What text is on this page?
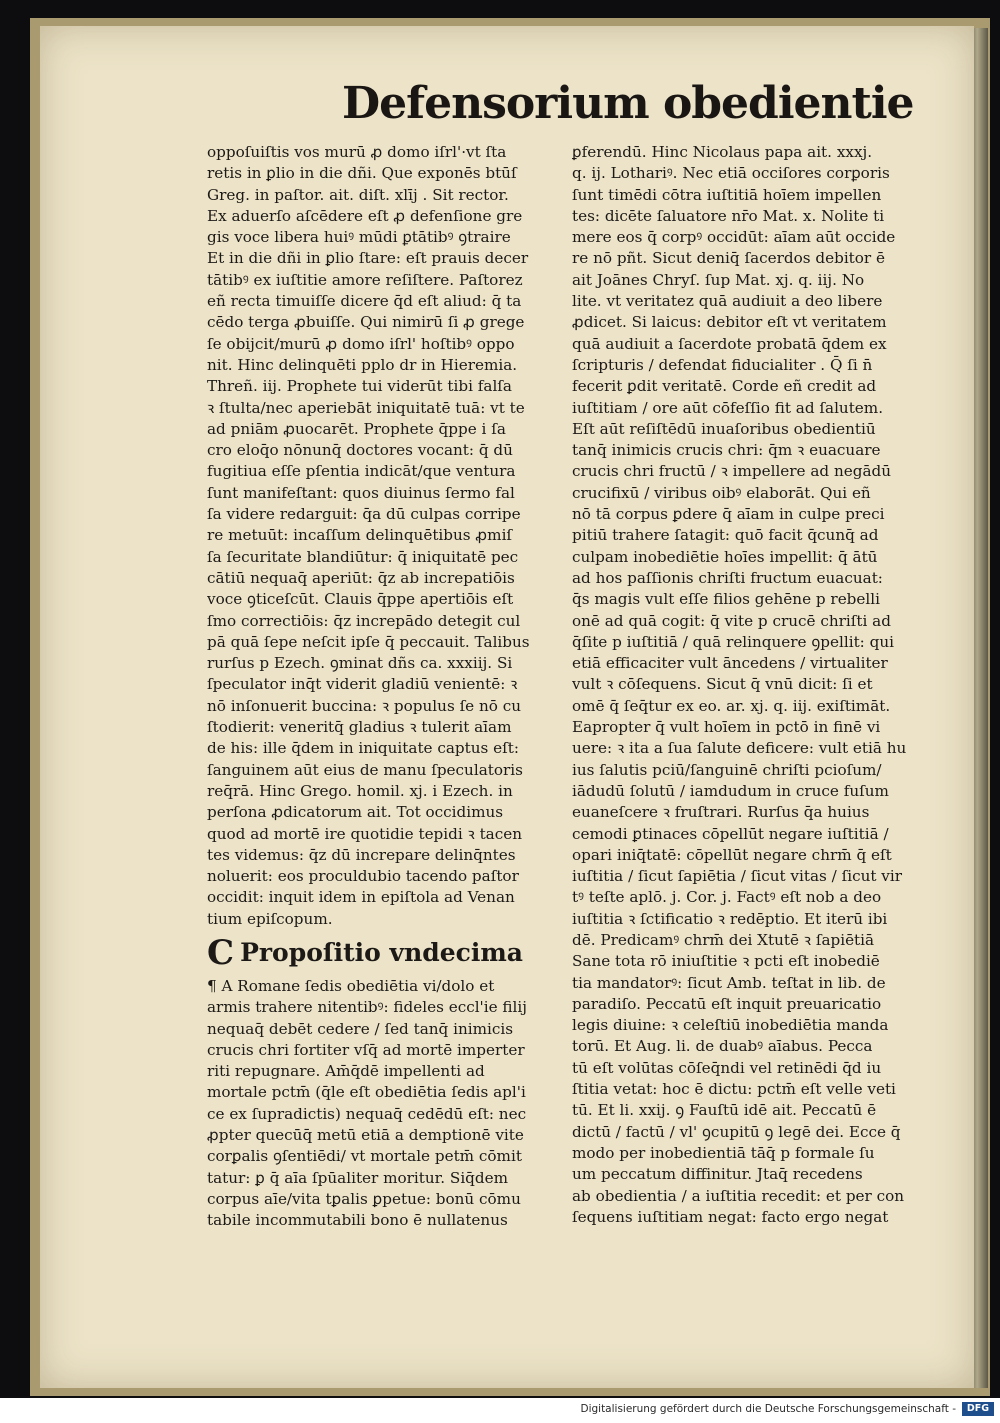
Defensorium obedientie
oppoſuiſtis vos murū ꝓ domo iſrl'·vt ſta
retis in ꝑlio in die dñi. Que exponēs btūſ
Greg. in paſtor. ait. diſt. xlīj . Sit rector.
Ex aduerſo aſcēdere eſt ꝓ defenſione gre
gis voce libera huiꝰ mūdi ꝑtātibꝰ ꝯtraire
Et in die dñi in ꝑlio ſtare: eſt prauis decer
tātibꝰ ex iuſtitie amore reſiſtere. Paſtorez
eñ recta timuiſſe dicere q̄d eſt aliud: q̄ ta
cēdo terga ꝓbuiſſe. Qui nimirū ſi ꝓ grege
ſe obijcit/murū ꝓ domo iſrl' hoſtibꝰ oppo
nit. Hinc delinquēti pplo dr in Hieremia.
Threñ. iij. Prophete tui viderūt tibi falſa
ꝛ ſtulta/nec aperiebāt iniquitatē tuā: vt te
ad pniām ꝓuocarēt. Prophete q̄ppe i ſa
cro eloq̄o nōnunq̄ doctores vocant: q̄ dū
fugitiua eſſe pſentia indicāt/que ventura
ſunt manifeſtant: quos diuinus ſermo fal
ſa videre redarguit: q̄a dū culpas corripe
re metuūt: incaſſum delinquētibus ꝓmiſ
ſa ſecuritate blandiūtur: q̄ iniquitatē pec
cātiū nequaq̄ aperiūt: q̄z ab increpatiōis
voce ꝯticeſcūt. Clauis q̄ppe apertiōis eſt
ſmo correctiōis: q̄z increpādo detegit cul
pā quā ſepe neſcit ipſe q̄ peccauit. Talibus
rurſus p Ezech. ꝯminat dñs ca. xxxiij. Si
ſpeculator inq̄t viderit gladiū venientē: ꝛ
nō inſonuerit buccina: ꝛ populus ſe nō cu
ſtodierit: veneritq̄ gladius ꝛ tulerit aīam
de his: ille q̄dem in iniquitate captus eſt:
ſanguinem aūt eius de manu ſpeculatoris
req̄rā. Hinc Grego. homil. xj. i Ezech. in
perſona ꝓdicatorum ait. Tot occidimus
quod ad mortē ire quotidie tepidi ꝛ tacen
tes videmus: q̄z dū increpare delinq̄ntes
noluerit: eos proculdubio tacendo paſtor
occidit: inquit idem in epiſtola ad Venan
tium epiſcopum.
C Propoſitio vndecima
¶ A Romane ſedis obediētia vi/dolo et
armis trahere nitentibꝰ: fideles eccl'ie filij
nequaq̄ debēt cedere / ſed tanq̄ inimicis
crucis chri fortiter vſq̄ ad mortē imperter
riti repugnare. Am̄q̄dē impellenti ad
mortale pctm̄ (q̄le eſt obediētia ſedis apl'i
ce ex ſupradictis) nequaq̄ cedēdū eſt: nec
ꝓpter quecūq̄ metū etiā a demptionē vite
corꝑalis ꝯſentiēdi/ vt mortale petm̄ cōmit
tatur: ꝑ q̄ aīa ſpūaliter moritur. Siq̄dem
corpus aīe/vita tꝑalis ꝑpetue: bonū cōmu
tabile incommutabili bono ē nullatenus
ꝑferendū. Hinc Nicolaus papa ait. xxxj.
q. ij. Lothariꝰ. Nec etiā occiſores corꝑoris
ſunt timēdi cōtra iuſtitiā hoīem impellen
tes: dicēte ſaluatore nr̄o Mat. x. Nolite ti
mere eos q̄ corpꝰ occidūt: aīam aūt occide
re nō pñt. Sicut deniq̄ ſacerdos debitor ē
ait Joānes Chryſ. ſup Mat. xj. q. iij. No
lite. vt veritatez quā audiuit a deo libere
ꝓdicet. Si laicus: debitor eſt vt veritatem
quā audiuit a ſacerdote probatā q̄dem ex
ſcripturis / defendat fiducialiter . Q̄ ſi n̄
fecerit ꝑdit veritatē. Corde eñ credit ad
iuſtitiam / ore aūt cōfeſſio fit ad ſalutem.
Eſt aūt reſiſtēdū inuaſoribus obedientiū
tanq̄ inimicis crucis chri: q̄m ꝛ euacuare
crucis chri fructū / ꝛ impellere ad negādū
crucifixū / viribus oibꝰ elaborāt. Qui eñ
nō tā corpus ꝑdere q̄ aīam in culpe preci
pitiū trahere ſatagit: quō facit q̄cunq̄ ad
culpam inobediētie hoīes impellit: q̄ ātū
ad hos paſſionis chriſti fructum euacuat:
q̄s magis vult eſſe filios gehēne p rebelli
onē ad quā cogit: q̄ vite p crucē chriſti ad
q̄ſite p iuſtitiā / quā relinquere ꝯpellit: qui
etiā efficaciter vult āncedens / virtualiter
vult ꝛ cōſequens. Sicut q̄ vnū dicit: ſi et
omē q̄ ſeq̄tur ex eo. ar. xj. q. iij. exiſtimāt.
Eapropter q̄ vult hoīem in pctō in finē vi
uere: ꝛ ita a ſua ſalute deficere: vult etiā hu
ius ſalutis pciū/ſanguinē chriſti pcioſum/
iādudū ſolutū / iamdudum in cruce fuſum
euaneſcere ꝛ fruſtrari. Rurſus q̄a huius
cemodi ꝑtinaces cōpellūt negare iuſtitiā /
opari iniq̄tatē: cōpellūt negare chrm̄ q̄ eſt
iuſtitia / ſicut ſapiētia / ſicut vitas / ſicut vir
tꝰ teſte aplō. j. Cor. j. Factꝰ eſt nob a deo
iuſtitia ꝛ ſctificatio ꝛ redēptio. Et iterū ibi
dē. Predicamꝰ chrm̄ dei Xtutē ꝛ ſapiētiā
Sane tota rō iniuſtitie ꝛ pcti eſt inobediē
tia mandatorꝰ: ſicut Amb. teſtat in lib. de
paradiſo. Peccatū eſt inquit preuaricatio
legis diuine: ꝛ celeſtiū inobediētia manda
torū. Et Aug. li. de duabꝰ aīabus. Pecca
tū eſt volūtas cōſeq̄ndi vel retinēdi q̄d iu
ſtitia vetat: hoc ē dictu: pctm̄ eſt velle veti
tū. Et li. xxij. ꝯ Fauſtū idē ait. Peccatū ē
dictū / factū / vl' ꝯcupitū ꝯ legē dei. Ecce q̄
modo per inobedientiā tāq̄ p formale ſu
um peccatum diffinitur. Jtaq̄ recedens
ab obedientia / a iuſtitia recedit: et per con
ſequens iuſtitiam negat: facto ergo negat
Digitalisierung gefördert durch die Deutsche Forschungsgemeinschaft -	DFG
